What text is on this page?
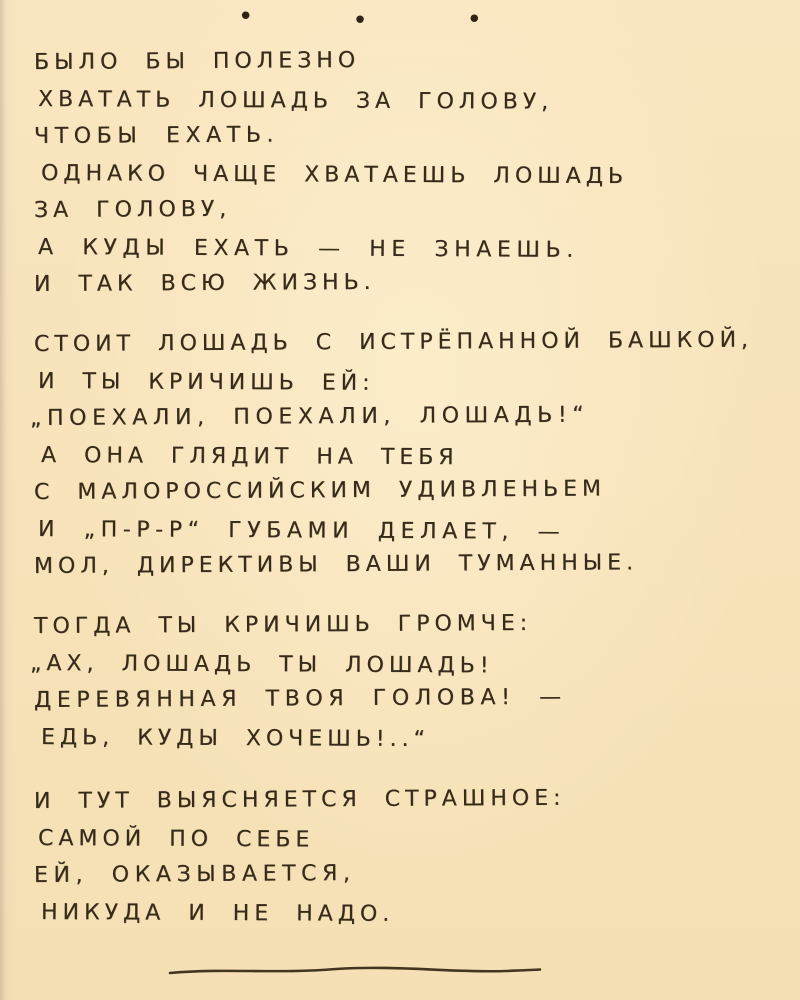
•	•	•
БЫЛО БЫ ПОЛЕЗНО
ХВАТАТЬ ЛОШАДЬ ЗА ГОЛОВУ,
ЧТОБЫ ЕХАТЬ.
ОДНАКО ЧАЩЕ ХВАТАЕШЬ ЛОШАДЬ
ЗА ГОЛОВУ,
А КУДЫ ЕХАТЬ — НЕ ЗНАЕШЬ.
И ТАК ВСЮ ЖИЗНЬ.
СТОИТ ЛОШАДЬ С ИСТРЁПАННОЙ БАШКОЙ,
И ТЫ КРИЧИШЬ ЕЙ:
„ПОЕХАЛИ, ПОЕХАЛИ, ЛОШАДЬ!“
А ОНА ГЛЯДИТ НА ТЕБЯ
С МАЛОРОССИЙСКИМ УДИВЛЕНЬЕМ
И „П-Р-Р“ ГУБАМИ ДЕЛАЕТ, —
МОЛ, ДИРЕКТИВЫ ВАШИ ТУМАННЫЕ.
ТОГДА ТЫ КРИЧИШЬ ГРОМЧЕ:
„АХ, ЛОШАДЬ ТЫ ЛОШАДЬ!
ДЕРЕВЯННАЯ ТВОЯ ГОЛОВА! —
ЕДЬ, КУДЫ ХОЧЕШЬ!..“
И ТУТ ВЫЯСНЯЕТСЯ СТРАШНОЕ:
САМОЙ ПО СЕБЕ
ЕЙ, ОКАЗЫВАЕТСЯ,
НИКУДА И НЕ НАДО.
